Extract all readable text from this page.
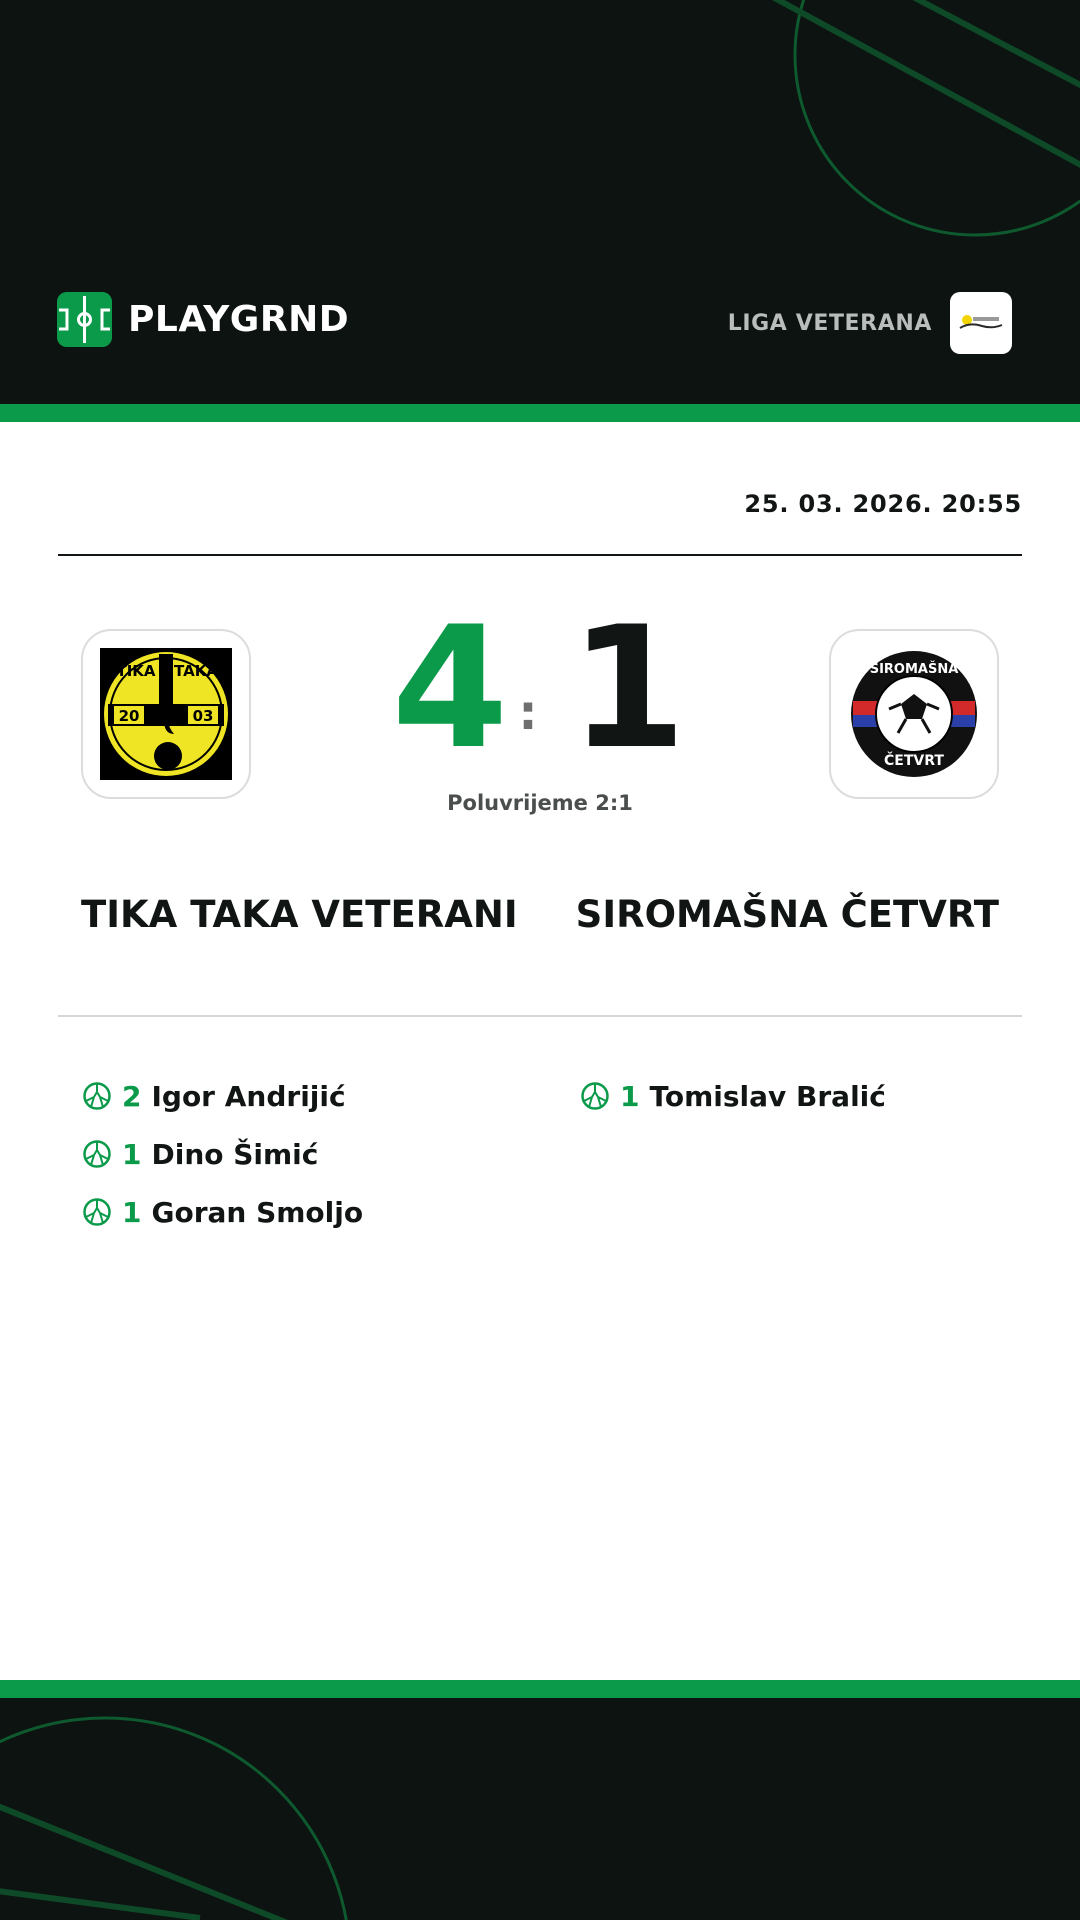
PLAYGRND	LIGA VETERANA
25. 03. 2026. 20:55
TIKA TAKA
20	03 4 : 1
Poluvrijeme 2:1
SIROMAŠNA
ČETVRT
TIKA TAKA VETERANI SIROMAŠNA ČETVRT
2 Igor Andrijić
1 Dino Šimić
1 Goran Smoljo
1 Tomislav Bralić
